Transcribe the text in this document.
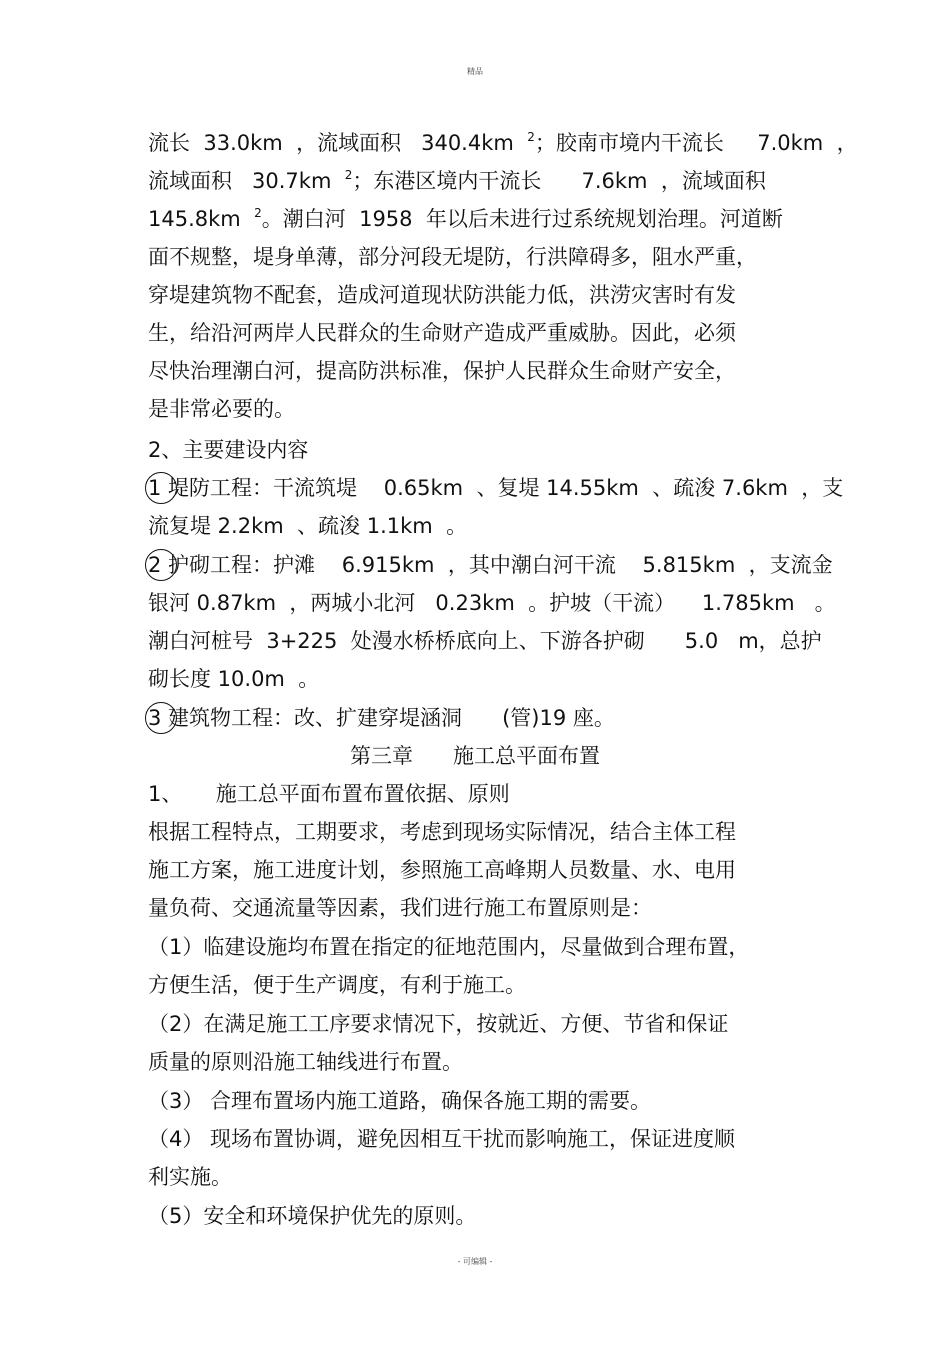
精品
流长  33.0km  ，流域面积   340.4km  $^2$；胶南市境内干流长     7.0km  ，
流域面积   30.7km  $^2$；东港区境内干流长      7.6km  ，流域面积
145.8km  $^2$。潮白河  1958  年以后未进行过系统规划治理。河道断
面不规整，堤身单薄，部分河段无堤防，行洪障碍多，阻水严重，
穿堤建筑物不配套，造成河道现状防洪能力低，洪涝灾害时有发
生，给沿河两岸人民群众的生命财产造成严重威胁。因此，必须
尽快治理潮白河，提高防洪标准，保护人民群众生命财产安全，
是非常必要的。
2、主要建设内容
1 堤防工程：干流筑堤    0.65km  、复堤 14.55km  、疏浚 7.6km  ，支
流复堤 2.2km  、疏浚 1.1km  。
2 护砌工程：护滩    6.915km  ，其中潮白河干流    5.815km  ，支流金
银河 0.87km  ，两城小北河   0.23km  。护坡（干流）    1.785km   。
潮白河桩号  3+225  处漫水桥桥底向上、下游各护砌      5.0   m，总护
砌长度 10.0m  。
3 建筑物工程：改、扩建穿堤涵洞      (管)19 座。
第三章      施工总平面布置
1、     施工总平面布置布置依据、原则
根据工程特点，工期要求，考虑到现场实际情况，结合主体工程
施工方案，施工进度计划，参照施工高峰期人员数量、水、电用
量负荷、交通流量等因素，我们进行施工布置原则是：
（1）临建设施均布置在指定的征地范围内，尽量做到合理布置，
方便生活，便于生产调度，有利于施工。
（2）在满足施工工序要求情况下，按就近、方便、节省和保证
质量的原则沿施工轴线进行布置。
（3） 合理布置场内施工道路，确保各施工期的需要。
（4） 现场布置协调，避免因相互干扰而影响施工，保证进度顺
利实施。
（5）安全和环境保护优先的原则。
- 可编辑 -
